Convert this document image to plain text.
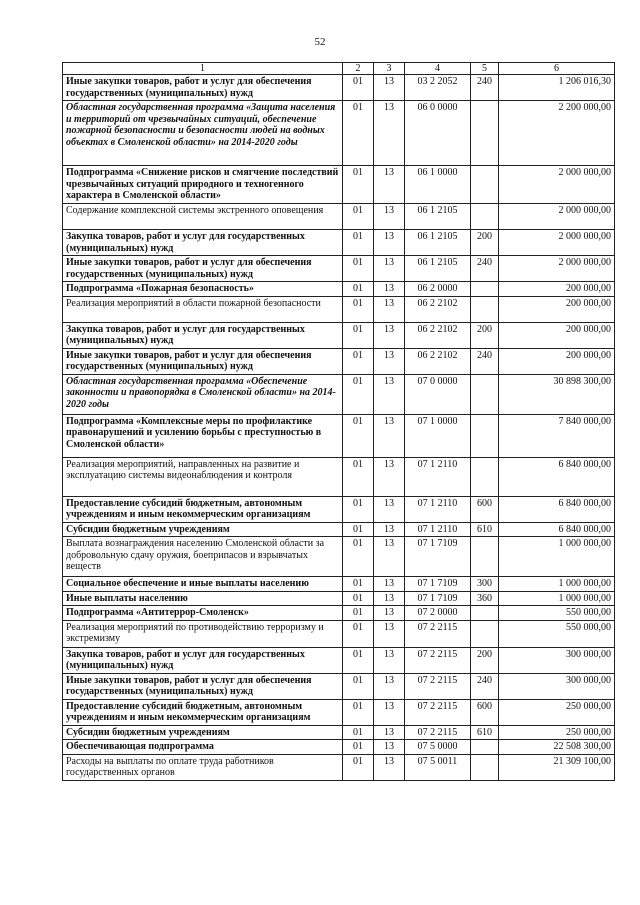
52
1	2	3	4	5	6
Иные закупки товаров, работ и услуг для обеспечения государственных (муниципальных) нужд	01	13	03 2 2052	240	1 206 016,30
Областная государственная программа «Защита населения и территорий от чрезвычайных ситуаций, обеспечение пожарной безопасности и безопасности людей на водных объектах в Смоленской области» на 2014-2020 годы	01	13	06 0 0000		2 200 000,00
Подпрограмма «Снижение рисков и смягчение последствий чрезвычайных ситуаций природного и техногенного характера в Смоленской области»	01	13	06 1 0000		2 000 000,00
Содержание комплексной системы экстренного оповещения	01	13	06 1 2105		2 000 000,00
Закупка товаров, работ и услуг для государственных (муниципальных) нужд	01	13	06 1 2105	200	2 000 000,00
Иные закупки товаров, работ и услуг для обеспечения государственных (муниципальных) нужд	01	13	06 1 2105	240	2 000 000,00
Подпрограмма «Пожарная безопасность»	01	13	06 2 0000		200 000,00
Реализация мероприятий в области пожарной безопасности	01	13	06 2 2102		200 000,00
Закупка товаров, работ и услуг для государственных (муниципальных) нужд	01	13	06 2 2102	200	200 000,00
Иные закупки товаров, работ и услуг для обеспечения государственных (муниципальных) нужд	01	13	06 2 2102	240	200 000,00
Областная государственная программа «Обеспечение законности и правопорядка в Смоленской области» на 2014-2020 годы	01	13	07 0 0000		30 898 300,00
Подпрограмма «Комплексные меры по профилактике правонарушений и усилению борьбы с преступностью в Смоленской области»	01	13	07 1 0000		7 840 000,00
Реализация мероприятий, направленных на развитие и эксплуатацию системы видеонаблюдения и контроля	01	13	07 1 2110		6 840 000,00
Предоставление субсидий бюджетным, автономным учреждениям и иным некоммерческим организациям	01	13	07 1 2110	600	6 840 000,00
Субсидии бюджетным учреждениям	01	13	07 1 2110	610	6 840 000,00
Выплата вознаграждения населению Смоленской области за добровольную сдачу оружия, боеприпасов и взрывчатых веществ	01	13	07 1 7109		1 000 000,00
Социальное обеспечение и иные выплаты населению	01	13	07 1 7109	300	1 000 000,00
Иные выплаты населению	01	13	07 1 7109	360	1 000 000,00
Подпрограмма «Антитеррор-Смоленск»	01	13	07 2 0000		550 000,00
Реализация мероприятий по противодействию терроризму и экстремизму	01	13	07 2 2115		550 000,00
Закупка товаров, работ и услуг для государственных (муниципальных) нужд	01	13	07 2 2115	200	300 000,00
Иные закупки товаров, работ и услуг для обеспечения государственных (муниципальных) нужд	01	13	07 2 2115	240	300 000,00
Предоставление субсидий бюджетным, автономным учреждениям и иным некоммерческим организациям	01	13	07 2 2115	600	250 000,00
Субсидии бюджетным учреждениям	01	13	07 2 2115	610	250 000,00
Обеспечивающая подпрограмма	01	13	07 5 0000		22 508 300,00
Расходы на выплаты по оплате труда работников государственных органов	01	13	07 5 0011		21 309 100,00
